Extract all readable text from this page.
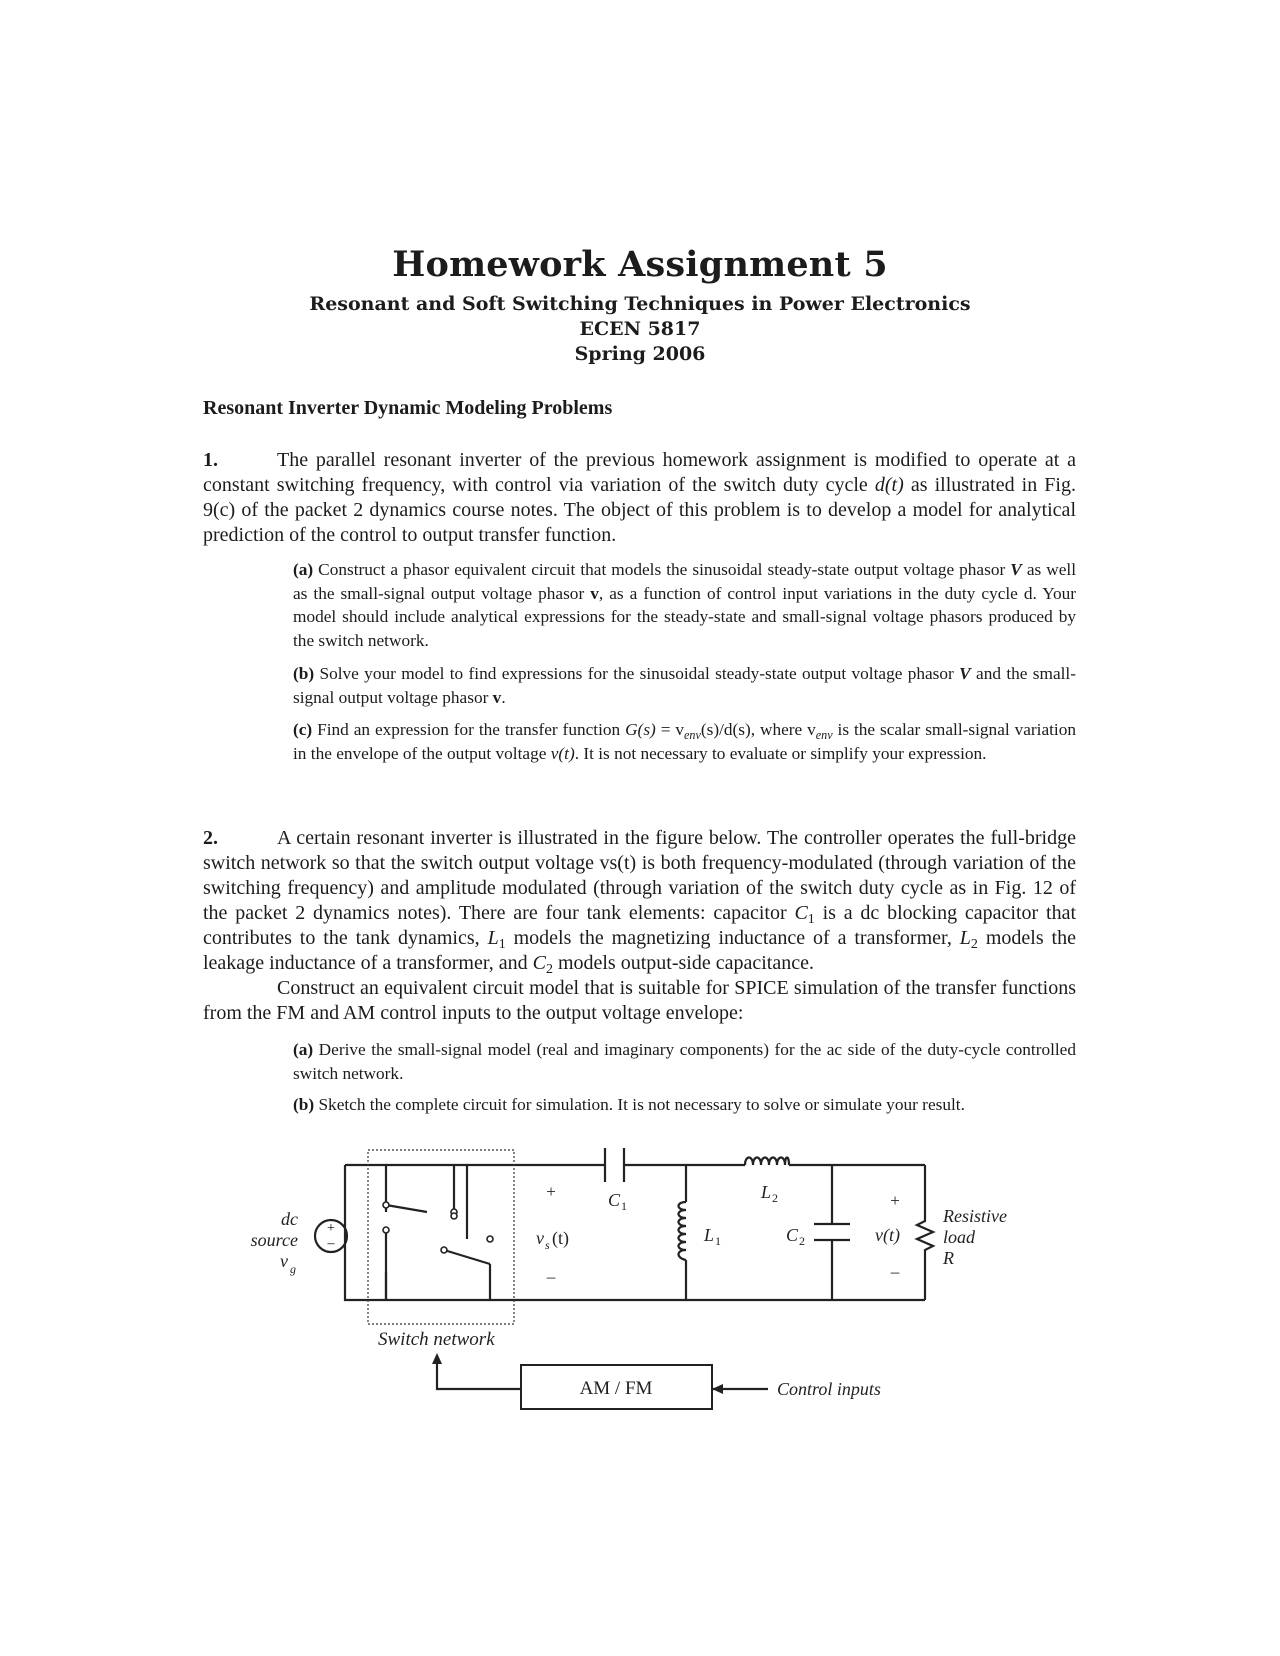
Homework Assignment 5
Resonant and Soft Switching Techniques in Power Electronics
ECEN 5817
Spring 2006
Resonant Inverter Dynamic Modeling Problems
1.	The parallel resonant inverter of the previous homework assignment is modified to operate at a constant switching frequency, with control via variation of the switch duty cycle d(t) as illustrated in Fig. 9(c) of the packet 2 dynamics course notes. The object of this problem is to develop a model for analytical prediction of the control to output transfer function.
(a) Construct a phasor equivalent circuit that models the sinusoidal steady-state output voltage phasor V as well as the small-signal output voltage phasor v, as a function of control input variations in the duty cycle d. Your model should include analytical expressions for the steady-state and small-signal voltage phasors produced by the switch network.
(b) Solve your model to find expressions for the sinusoidal steady-state output voltage phasor V and the small-signal output voltage phasor v.
(c) Find an expression for the transfer function $G(s) = v_{env}(s)/d(s)$, where $v_{env}$ is the scalar small-signal variation in the envelope of the output voltage v(t). It is not necessary to evaluate or simplify your expression.
2.	A certain resonant inverter is illustrated in the figure below. The controller operates the full-bridge switch network so that the switch output voltage vs(t) is both frequency-modulated (through variation of the switching frequency) and amplitude modulated (through variation of the switch duty cycle as in Fig. 12 of the packet 2 dynamics notes). There are four tank elements: capacitor $C_1$ is a dc blocking capacitor that contributes to the tank dynamics, $L_1$ models the magnetizing inductance of a transformer, $L_2$ models the leakage inductance of a transformer, and $C_2$ models output-side capacitance.
Construct an equivalent circuit model that is suitable for SPICE simulation of the transfer functions from the FM and AM control inputs to the output voltage envelope:
(a) Derive the small-signal model (real and imaginary components) for the ac side of the duty-cycle controlled switch network.
(b) Sketch the complete circuit for simulation. It is not necessary to solve or simulate your result.
+
–
dc
source
v g
Switch network
v s (t)
C 1
L 1
L 2
C 2	v(t)
Resistive
load
R
Control inputs
+
–
+
–
AM / FM
